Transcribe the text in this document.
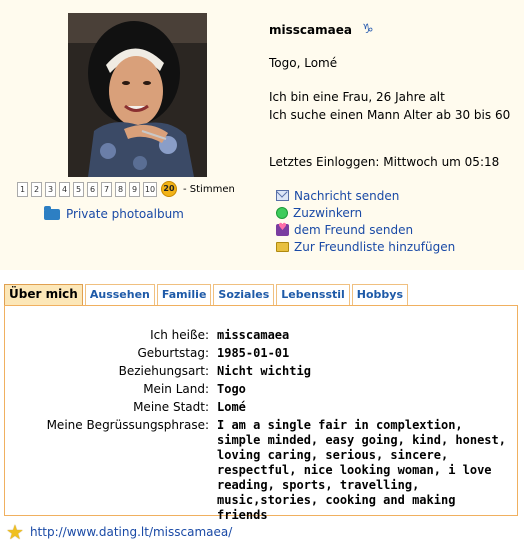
1	2	3	4	5	6	7	8	9 10	20 - Stimmen
Private photoalbum
misscamaea ♑
Togo, Lomé
Ich bin eine Frau, 26 Jahre alt
Ich suche einen Mann Alter ab 30 bis 60
Letztes Einloggen: Mittwoch um 05:18
Nachricht senden
Zuzwinkern
♥
dem Freund senden
Zur Freundliste hinzufügen
Über mich	Aussehen	Familie	Soziales	Lebensstil	Hobbys
Ich heiße: misscamaea
Geburtstag: 1985-01-01
Beziehungsart: Nicht wichtig
Mein Land: Togo
Meine Stadt: Lomé
Meine Begrüssungsphrase: I am a single fair in complextion, simple minded, easy going, kind, honest, loving caring, serious, sincere, respectful, nice looking woman, i love reading, sports, travelling, music,stories, cooking and making friends
★ http://www.dating.lt/misscamaea/
